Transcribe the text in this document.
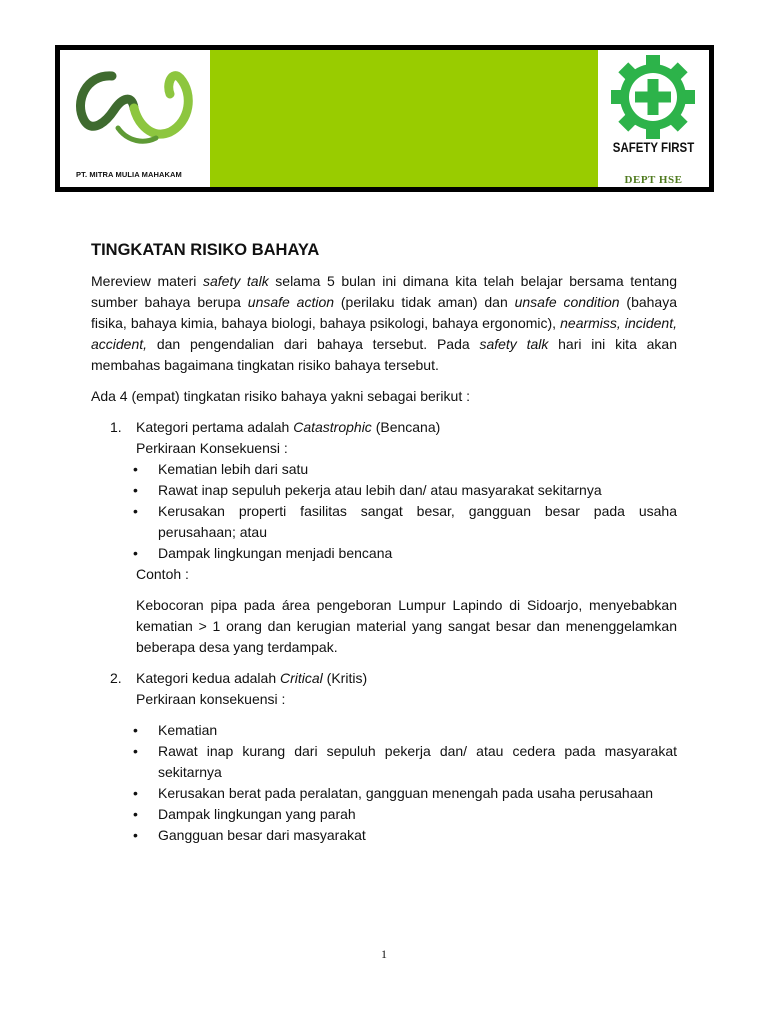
PT. MITRA MULIA MAHAKAM
SAFETY FIRST
DEPT HSE
TINGKATAN RISIKO BAHAYA

Mereview materi safety talk selama 5 bulan ini dimana kita telah belajar bersama tentang sumber bahaya berupa unsafe action (perilaku tidak aman) dan unsafe condition (bahaya fisika, bahaya kimia, bahaya biologi, bahaya psikologi, bahaya ergonomic), nearmiss, incident, accident, dan pengendalian dari bahaya tersebut. Pada safety talk hari ini kita akan membahas bagaimana tingkatan risiko bahaya tersebut.

Ada 4 (empat) tingkatan risiko bahaya yakni sebagai berikut :

1. Kategori pertama adalah Catastrophic (Bencana)
Perkiraan Konsekuensi :
• Kematian lebih dari satu
• Rawat inap sepuluh pekerja atau lebih dan/ atau masyarakat sekitarnya
• Kerusakan properti fasilitas sangat besar, gangguan besar pada usaha perusahaan; atau
• Dampak lingkungan menjadi bencana

Contoh :

Kebocoran pipa pada área pengeboran Lumpur Lapindo di Sidoarjo, menyebabkan kematian > 1 orang dan kerugian material yang sangat besar dan menenggelamkan beberapa desa yang terdampak.

2. Kategori kedua adalah Critical (Kritis)
Perkiraan konsekuensi :
• Kematian
• Rawat inap kurang dari sepuluh pekerja dan/ atau cedera pada masyarakat sekitarnya
• Kerusakan berat pada peralatan, gangguan menengah pada usaha perusahaan
• Dampak lingkungan yang parah
• Gangguan besar dari masyarakat
1
